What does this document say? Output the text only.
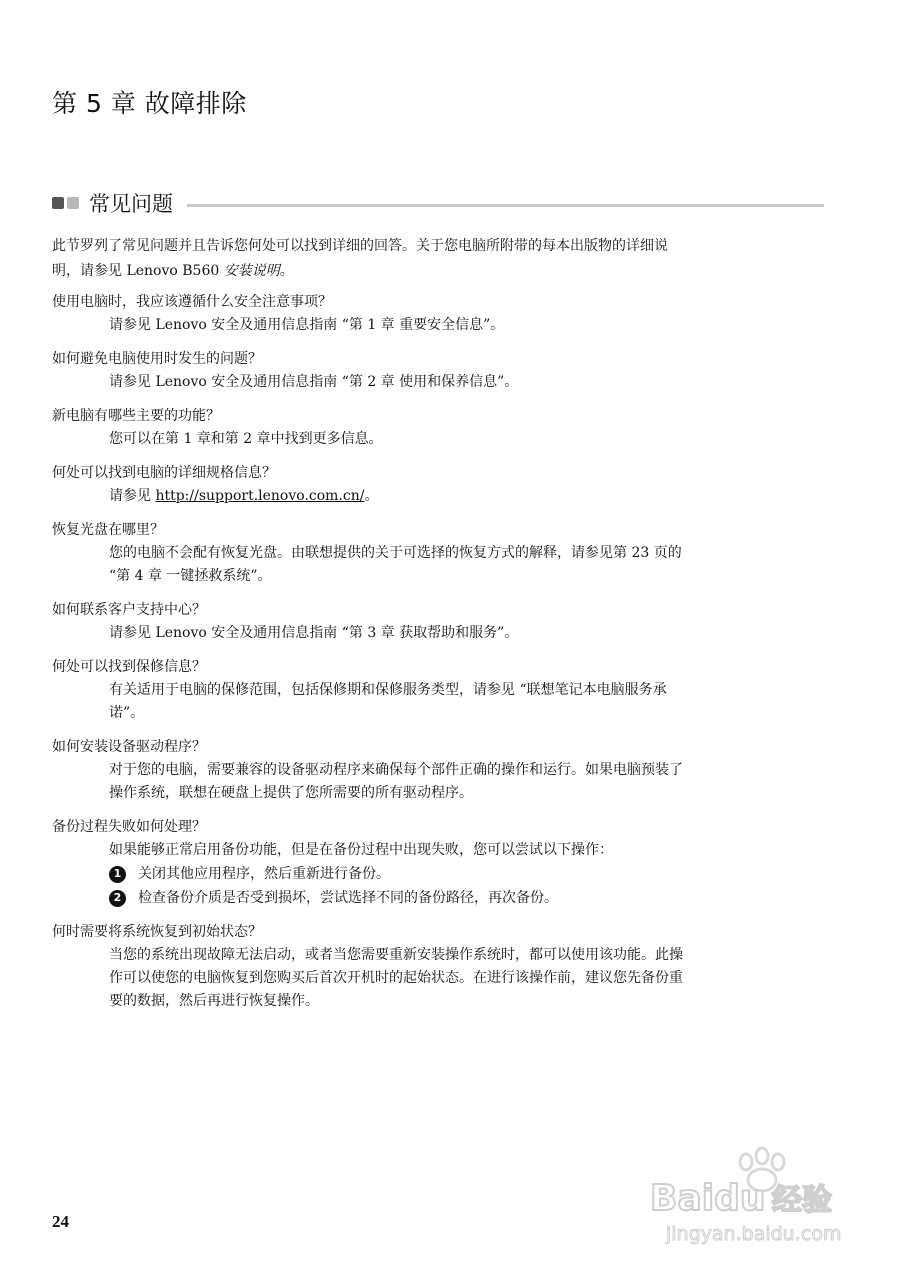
第 5 章 故障排除
常见问题

此节罗列了常见问题并且告诉您何处可以找到详细的回答。关于您电脑所附带的每本出版物的详细说
明，请参见 Lenovo B560 安装说明。

使用电脑时，我应该遵循什么安全注意事项？

请参见 Lenovo 安全及通用信息指南 “第 1 章 重要安全信息”。

如何避免电脑使用时发生的问题？

请参见 Lenovo 安全及通用信息指南 “第 2 章 使用和保养信息”。

新电脑有哪些主要的功能？

您可以在第 1 章和第 2 章中找到更多信息。

何处可以找到电脑的详细规格信息？

请参见 http://support.lenovo.com.cn/。

恢复光盘在哪里？

您的电脑不会配有恢复光盘。由联想提供的关于可选择的恢复方式的解释，请参见第 23 页的
“第 4 章 一键拯救系统”。

如何联系客户支持中心？

请参见 Lenovo 安全及通用信息指南 “第 3 章 获取帮助和服务”。

何处可以找到保修信息？

有关适用于电脑的保修范围，包括保修期和保修服务类型，请参见 “联想笔记本电脑服务承
诺”。

如何安装设备驱动程序？

对于您的电脑，需要兼容的设备驱动程序来确保每个部件正确的操作和运行。如果电脑预装了
操作系统，联想在硬盘上提供了您所需要的所有驱动程序。

备份过程失败如何处理？

如果能够正常启用备份功能，但是在备份过程中出现失败，您可以尝试以下操作：

1	关闭其他应用程序，然后重新进行备份。
2	检查备份介质是否受到损坏，尝试选择不同的备份路径，再次备份。

何时需要将系统恢复到初始状态？

当您的系统出现故障无法启动，或者当您需要重新安装操作系统时，都可以使用该功能。此操
作可以使您的电脑恢复到您购买后首次开机时的起始状态。在进行该操作前，建议您先备份重
要的数据，然后再进行恢复操作。

24
Baidu 经验
jingyan.baidu.com
